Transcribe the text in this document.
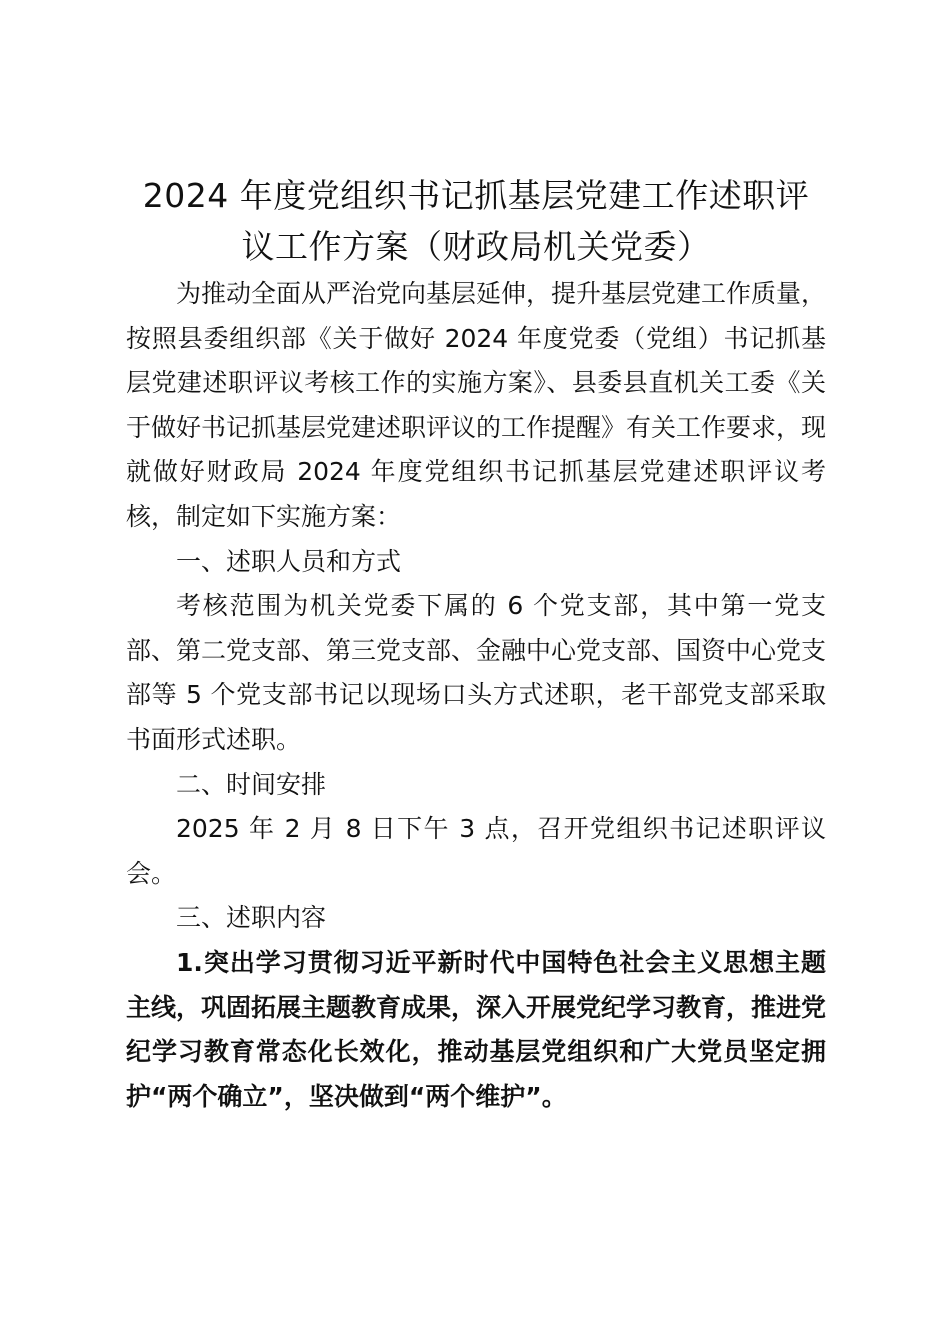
2024 年度党组织书记抓基层党建工作述职评
议工作方案（财政局机关党委）

为推动全面从严治党向基层延伸，提升基层党建工作质量，按照县委组织部《关于做好 2024 年度党委（党组）书记抓基层党建述职评议考核工作的实施方案》、县委县直机关工委《关于做好书记抓基层党建述职评议的工作提醒》有关工作要求，现就做好财政局 2024 年度党组织书记抓基层党建述职评议考核，制定如下实施方案：

一、述职人员和方式

考核范围为机关党委下属的 6 个党支部，其中第一党支部、第二党支部、第三党支部、金融中心党支部、国资中心党支部等 5 个党支部书记以现场口头方式述职，老干部党支部采取书面形式述职。

二、时间安排

2025 年 2 月 8 日下午 3 点，召开党组织书记述职评议会。

三、述职内容

1.突出学习贯彻习近平新时代中国特色社会主义思想主题主线，巩固拓展主题教育成果，深入开展党纪学习教育，推进党纪学习教育常态化长效化，推动基层党组织和广大党员坚定拥护“两个确立”，坚决做到“两个维护”。
